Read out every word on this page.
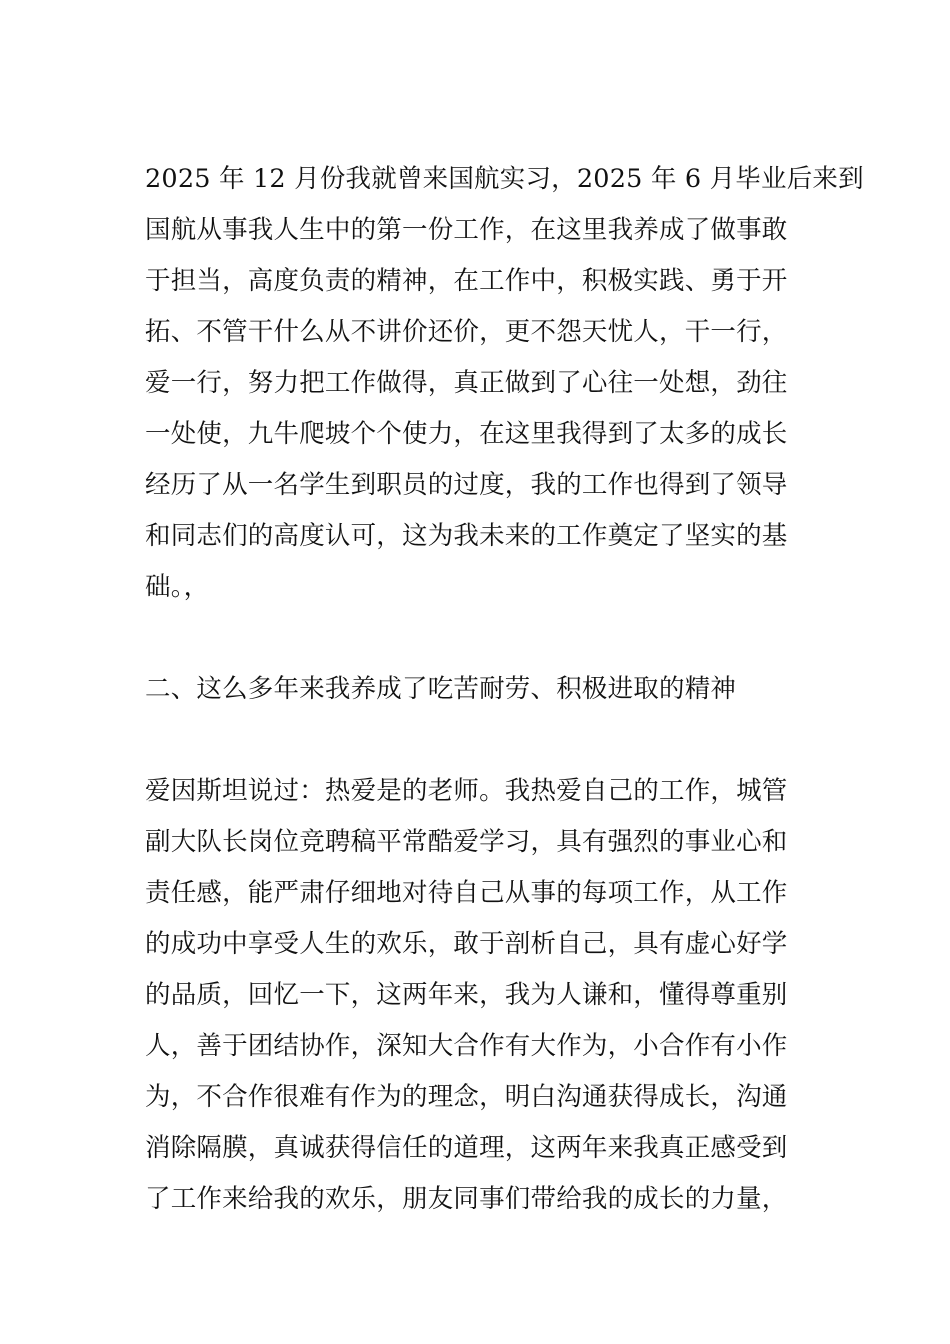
2025 年 12 月份我就曾来国航实习，2025 年 6 月毕业后来到
国航从事我人生中的第一份工作，在这里我养成了做事敢
于担当，高度负责的精神，在工作中，积极实践、勇于开
拓、不管干什么从不讲价还价，更不怨天忧人，干一行，
爱一行，努力把工作做得，真正做到了心往一处想，劲往
一处使，九牛爬坡个个使力，在这里我得到了太多的成长
经历了从一名学生到职员的过度，我的工作也得到了领导
和同志们的高度认可，这为我未来的工作奠定了坚实的基
础。，
二、这么多年来我养成了吃苦耐劳、积极进取的精神
爱因斯坦说过：热爱是的老师。我热爱自己的工作，城管
副大队长岗位竞聘稿平常酷爱学习，具有强烈的事业心和
责任感，能严肃仔细地对待自己从事的每项工作，从工作
的成功中享受人生的欢乐，敢于剖析自己，具有虚心好学
的品质，回忆一下，这两年来，我为人谦和，懂得尊重别
人，善于团结协作，深知大合作有大作为，小合作有小作
为，不合作很难有作为的理念，明白沟通获得成长，沟通
消除隔膜，真诚获得信任的道理，这两年来我真正感受到
了工作来给我的欢乐，朋友同事们带给我的成长的力量，
